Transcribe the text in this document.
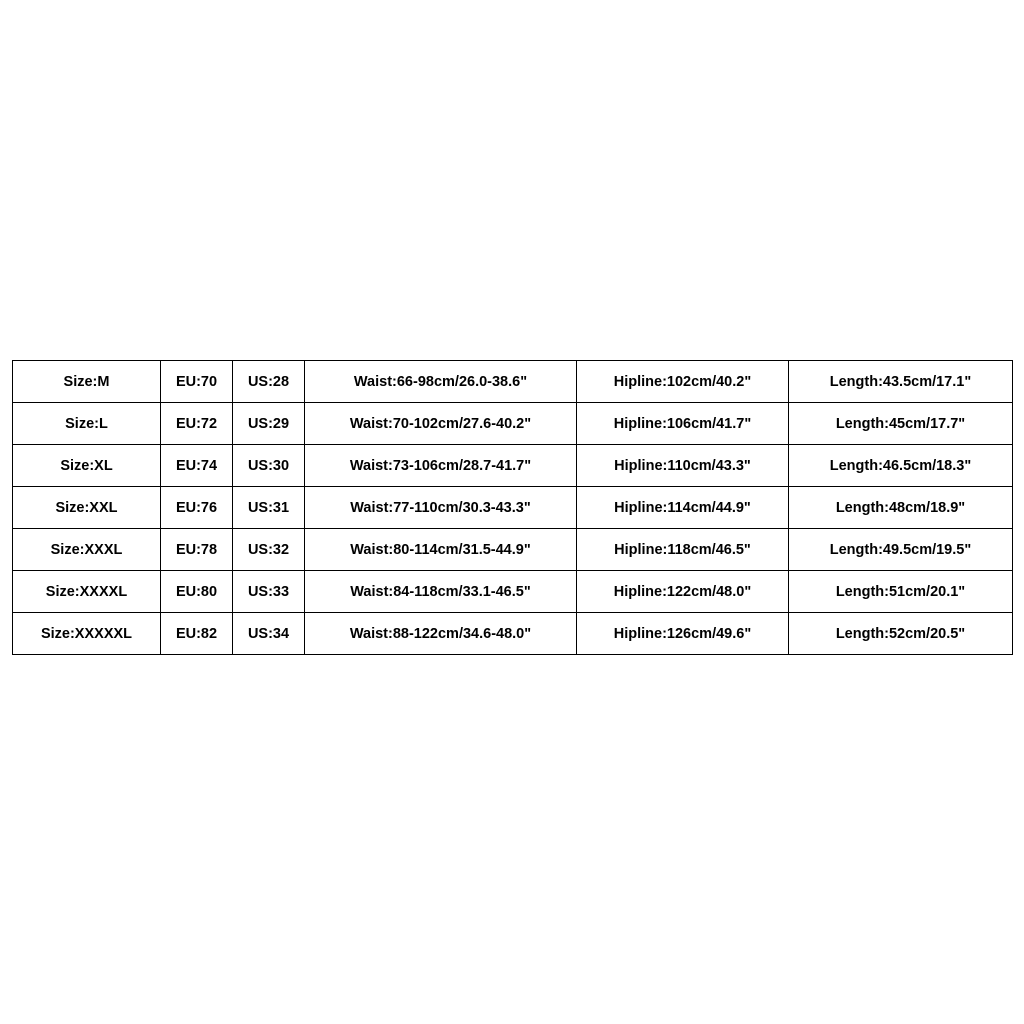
Size:M	EU:70	US:28	Waist:66-98cm/26.0-38.6"	Hipline:102cm/40.2"	Length:43.5cm/17.1"
Size:L	EU:72	US:29	Waist:70-102cm/27.6-40.2"	Hipline:106cm/41.7"	Length:45cm/17.7"
Size:XL	EU:74	US:30	Waist:73-106cm/28.7-41.7"	Hipline:110cm/43.3"	Length:46.5cm/18.3"
Size:XXL	EU:76	US:31	Waist:77-110cm/30.3-43.3"	Hipline:114cm/44.9"	Length:48cm/18.9"
Size:XXXL	EU:78	US:32	Waist:80-114cm/31.5-44.9"	Hipline:118cm/46.5"	Length:49.5cm/19.5"
Size:XXXXL	EU:80	US:33	Waist:84-118cm/33.1-46.5"	Hipline:122cm/48.0"	Length:51cm/20.1"
Size:XXXXXL	EU:82	US:34	Waist:88-122cm/34.6-48.0"	Hipline:126cm/49.6"	Length:52cm/20.5"
